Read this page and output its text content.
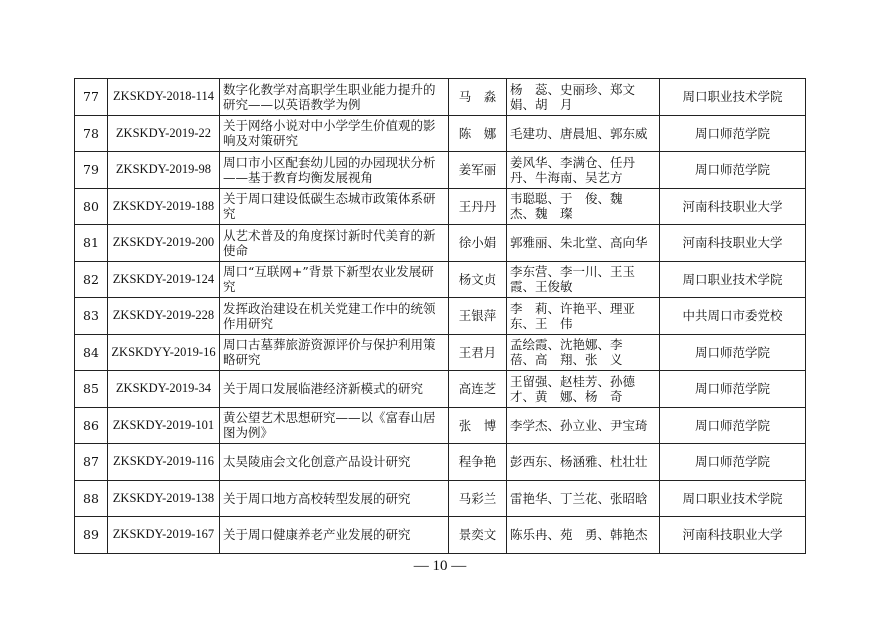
77	ZKSKDY-2018-114	数字化教学对高职学生职业能力提升的研究——以英语教学为例	马　淼	杨　蕊、史丽珍、郑文娟、胡　月	周口职业技术学院
78	ZKSKDY-2019-22	关于网络小说对中小学学生价值观的影响及对策研究	陈　娜	毛建功、唐晨旭、郭东威	周口师范学院
79	ZKSKDY-2019-98	周口市小区配套幼儿园的办园现状分析——基于教育均衡发展视角	姜军丽	姜风华、李满仓、任丹丹、牛海南、吴艺方	周口师范学院
80	ZKSKDY-2019-188	关于周口建设低碳生态城市政策体系研究	王丹丹	韦聪聪、于　俊、魏　杰、魏　璨	河南科技职业大学
81	ZKSKDY-2019-200	从艺术普及的角度探讨新时代美育的新使命	徐小娟	郭雅丽、朱北堂、高向华	河南科技职业大学
82	ZKSKDY-2019-124	周口“互联网+”背景下新型农业发展研究	杨文贞	李东营、李一川、王玉霞、王俊敏	周口职业技术学院
83	ZKSKDY-2019-228	发挥政治建设在机关党建工作中的统领作用研究	王银萍	李　莉、许艳平、理亚东、王　伟	中共周口市委党校
84	ZKSKDYY-2019-16	周口古墓葬旅游资源评价与保护利用策略研究	王君月	孟绘霞、沈艳娜、李　蓓、高　翔、张　义	周口师范学院
85	ZKSKDY-2019-34	关于周口发展临港经济新模式的研究	高连芝	王留强、赵桂芳、孙德才、黄　娜、杨　奇	周口师范学院
86	ZKSKDY-2019-101	黄公望艺术思想研究——以《富春山居图为例》	张　博	李学杰、孙立业、尹宝琦	周口师范学院
87	ZKSKDY-2019-116	太昊陵庙会文化创意产品设计研究	程争艳	彭西东、杨涵雅、杜壮壮	周口师范学院
88	ZKSKDY-2019-138	关于周口地方高校转型发展的研究	马彩兰	雷艳华、丁兰花、张昭晗	周口职业技术学院
89	ZKSKDY-2019-167	关于周口健康养老产业发展的研究	景奕文	陈乐冉、苑　勇、韩艳杰	河南科技职业大学
— 10 —
